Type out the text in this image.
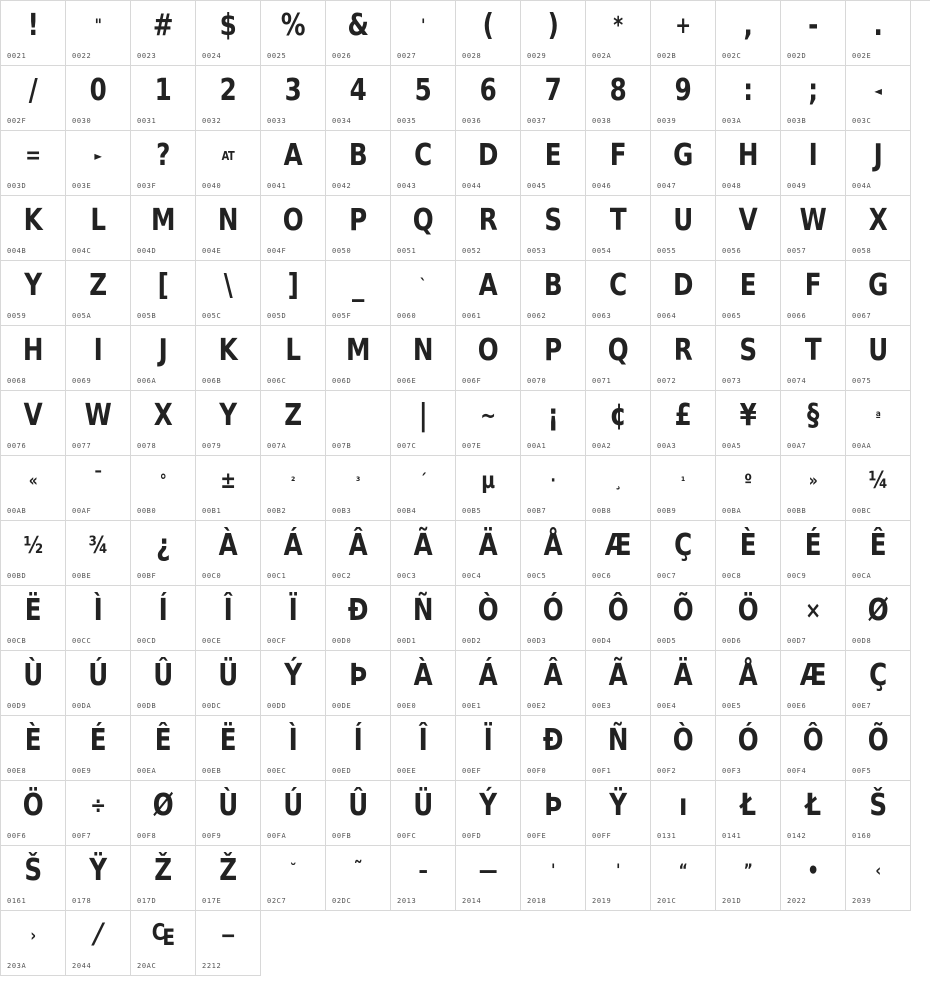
!
0021
"
0022
#
0023
$
0024
%
0025
&
0026
'
0027
(
0028
)
0029
*
002A
+
002B
,
002C
-
002D
.
002E
/
002F
0
0030
1
0031
2
0032
3
0033
4
0034
5
0035
6
0036
7
0037
8
0038
9
0039
:
003A
;
003B
◄
003C
=
003D
►
003E
?
003F
AT
0040
A
0041
B
0042
C
0043
D
0044
E
0045
F
0046
G
0047
H
0048
I
0049
J
004A
K
004B
L
004C
M
004D
N
004E
O
004F
P
0050
Q
0051
R
0052
S
0053
T
0054
U
0055
V
0056
W
0057
X
0058
Y
0059
Z
005A
[
005B
\
005C
]
005D
_
005F
`
0060
A
0061
B
0062
C
0063
D
0064
E
0065
F
0066
G
0067
H
0068
I
0069
J
006A
K
006B
L
006C
M
006D
N
006E
O
006F
P
0070
Q
0071
R
0072
S
0073
T
0074
U
0075
V
0076
W
0077
X
0078
Y
0079
Z
007A	007B
|
007C
~
007E
¡
00A1
¢
00A2
£
00A3
¥
00A5
§
00A7
ª
00AA
«
00AB
¯
00AF
°
00B0
±
00B1
²
00B2
³
00B3
´
00B4
µ
00B5
·
00B7
¸
00B8
¹
00B9
º
00BA
»
00BB
¼
00BC
½
00BD
¾
00BE
¿
00BF
À
00C0
Á
00C1
Â
00C2
Ã
00C3
Ä
00C4
Å
00C5
Æ
00C6
Ç
00C7
È
00C8
É
00C9
Ê
00CA
Ë
00CB
Ì
00CC
Í
00CD
Î
00CE
Ï
00CF
Ð
00D0
Ñ
00D1
Ò
00D2
Ó
00D3
Ô
00D4
Õ
00D5
Ö
00D6
×
00D7
Ø
00D8
Ù
00D9
Ú
00DA
Û
00DB
Ü
00DC
Ý
00DD
Þ
00DE
À
00E0
Á
00E1
Â
00E2
Ã
00E3
Ä
00E4
Å
00E5
Æ
00E6
Ç
00E7
È
00E8
É
00E9
Ê
00EA
Ë
00EB
Ì
00EC
Í
00ED
Î
00EE
Ï
00EF
Ð
00F0
Ñ
00F1
Ò
00F2
Ó
00F3
Ô
00F4
Õ
00F5
Ö
00F6
÷
00F7
Ø
00F8
Ù
00F9
Ú
00FA
Û
00FB
Ü
00FC
Ý
00FD
Þ
00FE
Ÿ
00FF
ı
0131
Ł
0141
Ł
0142
Š
0160
Š
0161
Ÿ
0178
Ž
017D
Ž
017E
˘
02C7
˜
02DC
–
2013
—
2014
'
2018
'
2019
“
201C
”
201D
•
2022
‹
2039
›
203A
⁄
2044
₠
20AC
−
2212
